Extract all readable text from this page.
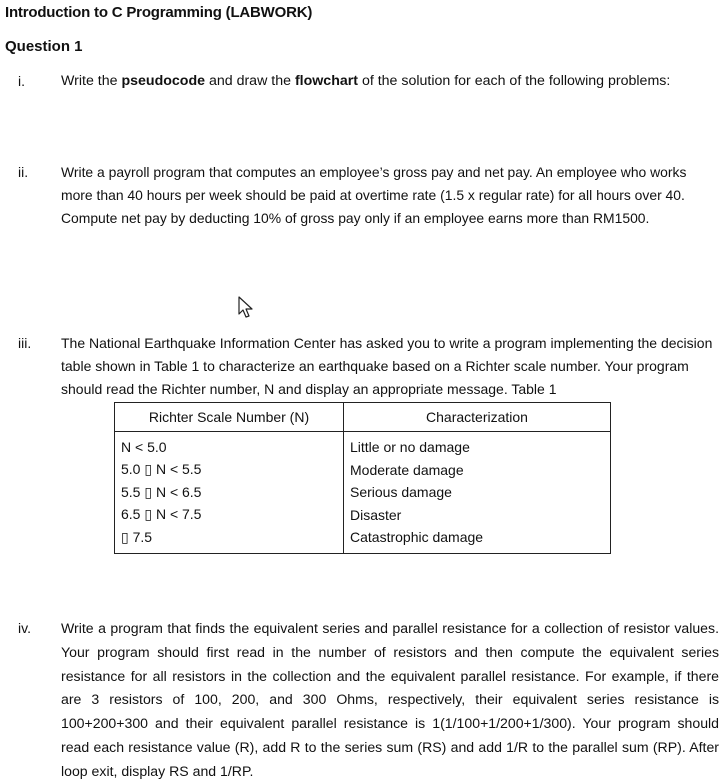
Introduction to C Programming (LABWORK)
Question 1
i.	Write the pseudocode and draw the flowchart of the solution for each of the following problems:
ii.	Write a payroll program that computes an employee’s gross pay and net pay. An employee who works more than 40 hours per week should be paid at overtime rate (1.5 x regular rate) for all hours over 40. Compute net pay by deducting 10% of gross pay only if an employee earns more than RM1500.
iii.	The National Earthquake Information Center has asked you to write a program implementing the decision table shown in Table 1 to characterize an earthquake based on a Richter scale number. Your program should read the Richter number, N and display an appropriate message. Table 1
Richter Scale Number (N)	Characterization
N < 5.0	Little or no damage
5.0 ▯ N < 5.5	Moderate damage
5.5 ▯ N < 6.5	Serious damage
6.5 ▯ N < 7.5	Disaster
▯ 7.5	Catastrophic damage
iv.	Write a program that finds the equivalent series and parallel resistance for a collection of resistor values. Your program should first read in the number of resistors and then compute the equivalent series resistance for all resistors in the collection and the equivalent parallel resistance. For example, if there are 3 resistors of 100, 200, and 300 Ohms, respectively, their equivalent series resistance is 100+200+300 and their equivalent parallel resistance is 1(1/100+1/200+1/300). Your program should read each resistance value (R), add R to the series sum (RS) and add 1/R to the parallel sum (RP). After loop exit, display RS and 1/RP.
